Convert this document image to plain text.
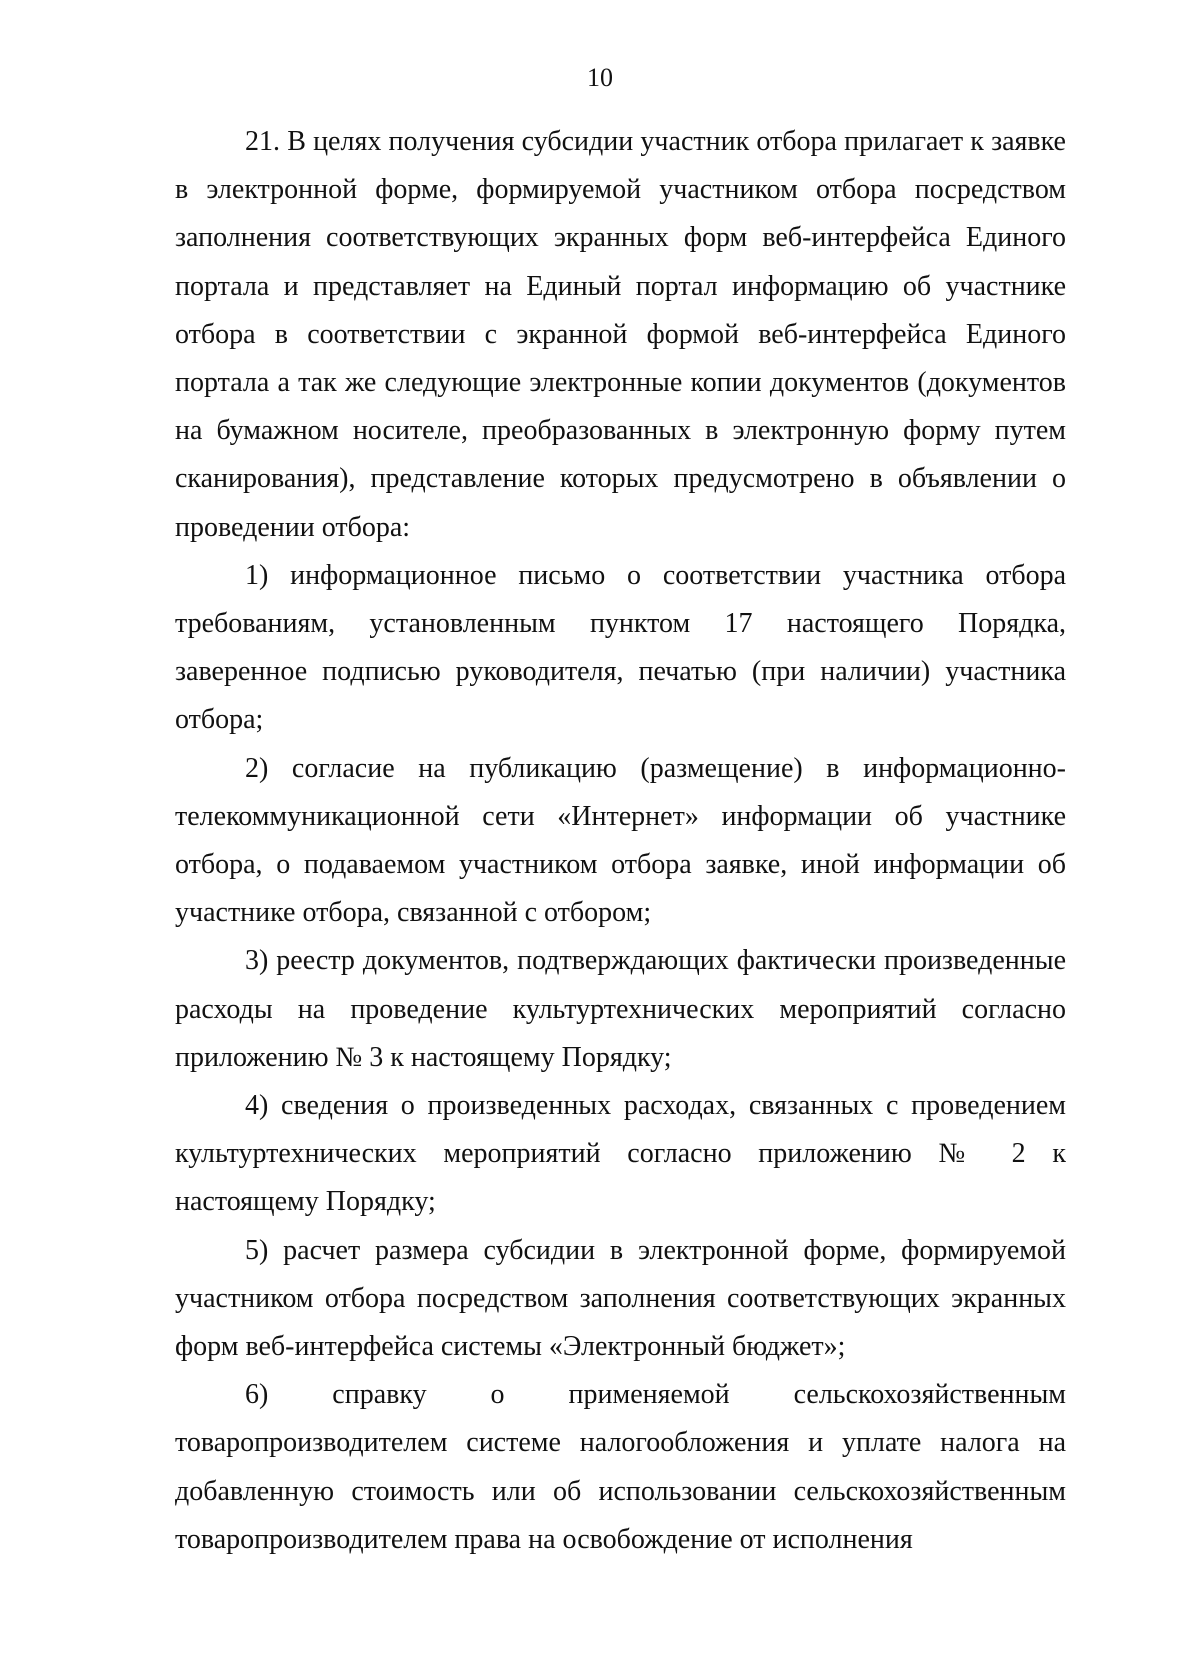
10

21. В целях получения субсидии участник отбора прилагает к заявке в электронной форме, формируемой участником отбора посредством заполнения соответствующих экранных форм веб-интерфейса Единого портала и представляет на Единый портал информацию об участнике отбора в соответствии с экранной формой веб-интерфейса Единого портала а так же следующие электронные копии документов (документов на бумажном носителе, преобразованных в электронную форму путем сканирования), представление которых предусмотрено в объявлении о проведении отбора:

1) информационное письмо о соответствии участника отбора требованиям, установленным пунктом 17 настоящего Порядка, заверенное подписью руководителя, печатью (при наличии) участника отбора;

2) согласие на публикацию (размещение) в информационно-телекоммуникационной сети «Интернет» информации об участнике отбора, о подаваемом участником отбора заявке, иной информации об участнике отбора, связанной с отбором;

3) реестр документов, подтверждающих фактически произведенные расходы на проведение культуртехнических мероприятий согласно приложению № 3 к настоящему Порядку;

4) сведения о произведенных расходах, связанных с проведением культуртехнических мероприятий согласно приложению № 2 к настоящему Порядку;

5) расчет размера субсидии в электронной форме, формируемой участником отбора посредством заполнения соответствующих экранных форм веб-интерфейса системы «Электронный бюджет»;

6) справку о применяемой сельскохозяйственным товаропроизводителем системе налогообложения и уплате налога на добавленную стоимость или об использовании сельскохозяйственным товаропроизводителем права на освобождение от исполнения
